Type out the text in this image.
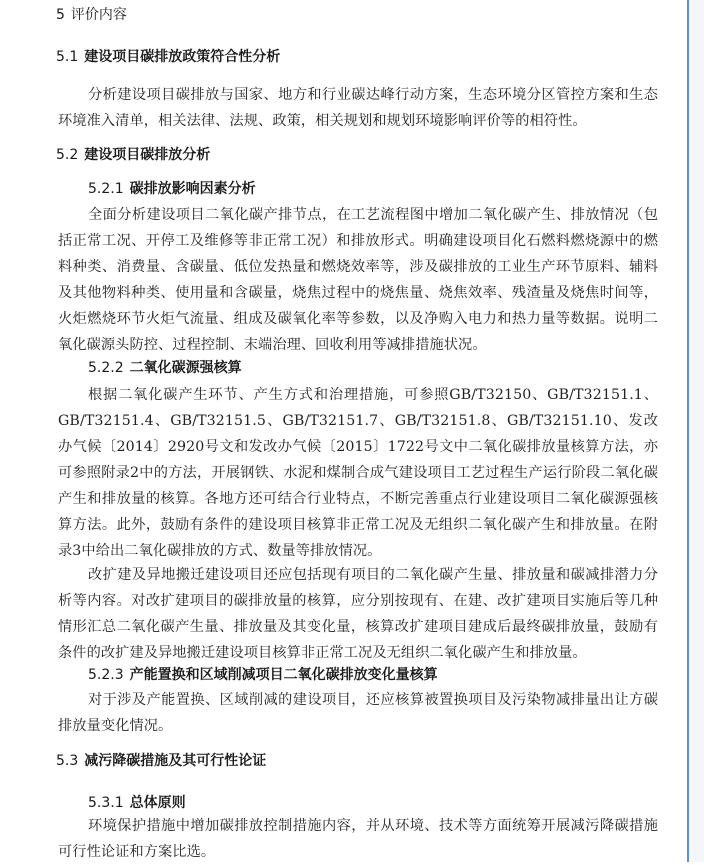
5 评价内容
5.1 建设项目碳排放政策符合性分析

分析建设项目碳排放与国家、地方和行业碳达峰行动方案，生态环境分区管控方案和生态环境准入清单，相关法律、法规、政策，相关规划和规划环境影响评价等的相符性。

5.2 建设项目碳排放分析
5.2.1 碳排放影响因素分析

全面分析建设项目二氧化碳产排节点，在工艺流程图中增加二氧化碳产生、排放情况（包括正常工况、开停工及维修等非正常工况）和排放形式。明确建设项目化石燃料燃烧源中的燃料种类、消费量、含碳量、低位发热量和燃烧效率等，涉及碳排放的工业生产环节原料、辅料及其他物料种类、使用量和含碳量，烧焦过程中的烧焦量、烧焦效率、残渣量及烧焦时间等，火炬燃烧环节火炬气流量、组成及碳氧化率等参数，以及净购入电力和热力量等数据。说明二氧化碳源头防控、过程控制、末端治理、回收利用等减排措施状况。

5.2.2 二氧化碳源强核算

根据二氧化碳产生环节、产生方式和治理措施，可参照GB/T32150、GB/T32151.1、GB/T32151.4、GB/T32151.5、GB/T32151.7、GB/T32151.8、GB/T32151.10、发改办气候〔2014〕2920号文和发改办气候〔2015〕1722号文中二氧化碳排放量核算方法，亦可参照附录2中的方法，开展钢铁、水泥和煤制合成气建设项目工艺过程生产运行阶段二氧化碳产生和排放量的核算。各地方还可结合行业特点，不断完善重点行业建设项目二氧化碳源强核算方法。此外，鼓励有条件的建设项目核算非正常工况及无组织二氧化碳产生和排放量。在附录3中给出二氧化碳排放的方式、数量等排放情况。

改扩建及异地搬迁建设项目还应包括现有项目的二氧化碳产生量、排放量和碳减排潜力分析等内容。对改扩建项目的碳排放量的核算，应分别按现有、在建、改扩建项目实施后等几种情形汇总二氧化碳产生量、排放量及其变化量，核算改扩建项目建成后最终碳排放量，鼓励有条件的改扩建及异地搬迁建设项目核算非正常工况及无组织二氧化碳产生和排放量。

5.2.3 产能置换和区域削减项目二氧化碳排放变化量核算

对于涉及产能置换、区域削减的建设项目，还应核算被置换项目及污染物减排量出让方碳排放量变化情况。

5.3 减污降碳措施及其可行性论证
5.3.1 总体原则

环境保护措施中增加碳排放控制措施内容，并从环境、技术等方面统筹开展减污降碳措施可行性论证和方案比选。
